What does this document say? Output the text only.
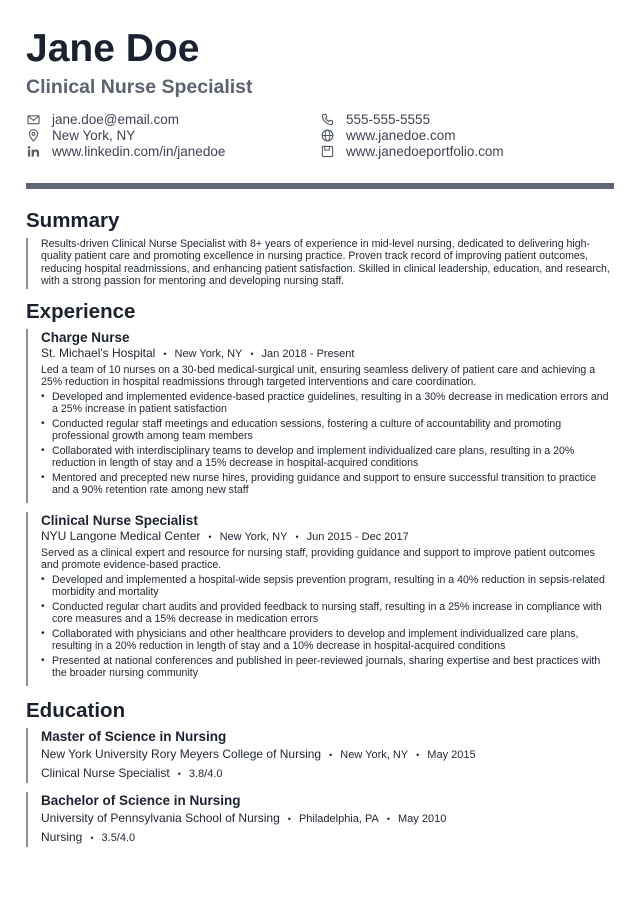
Jane Doe
Clinical Nurse Specialist
jane.doe@email.com
New York, NY
www.linkedin.com/in/janedoe
555-555-5555
www.janedoe.com
www.janedoeportfolio.com
Summary

Results-driven Clinical Nurse Specialist with 8+ years of experience in mid-level nursing, dedicated to delivering high-quality patient care and promoting excellence in nursing practice. Proven track record of improving patient outcomes, reducing hospital readmissions, and enhancing patient satisfaction. Skilled in clinical leadership, education, and research, with a strong passion for mentoring and developing nursing staff.

Experience

Charge Nurse

St. Michael's Hospital • New York, NY • Jan 2018 - Present

Led a team of 10 nurses on a 30-bed medical-surgical unit, ensuring seamless delivery of patient care and achieving a 25% reduction in hospital readmissions through targeted interventions and care coordination.

• Developed and implemented evidence-based practice guidelines, resulting in a 30% decrease in medication errors and a 25% increase in patient satisfaction
• Conducted regular staff meetings and education sessions, fostering a culture of accountability and promoting professional growth among team members
• Collaborated with interdisciplinary teams to develop and implement individualized care plans, resulting in a 20% reduction in length of stay and a 15% decrease in hospital-acquired conditions
• Mentored and precepted new nurse hires, providing guidance and support to ensure successful transition to practice and a 90% retention rate among new staff

Clinical Nurse Specialist

NYU Langone Medical Center • New York, NY • Jun 2015 - Dec 2017

Served as a clinical expert and resource for nursing staff, providing guidance and support to improve patient outcomes and promote evidence-based practice.

• Developed and implemented a hospital-wide sepsis prevention program, resulting in a 40% reduction in sepsis-related morbidity and mortality
• Conducted regular chart audits and provided feedback to nursing staff, resulting in a 25% increase in compliance with core measures and a 15% decrease in medication errors
• Collaborated with physicians and other healthcare providers to develop and implement individualized care plans, resulting in a 20% reduction in length of stay and a 10% decrease in hospital-acquired conditions
• Presented at national conferences and published in peer-reviewed journals, sharing expertise and best practices with the broader nursing community
Education

Master of Science in Nursing

New York University Rory Meyers College of Nursing • New York, NY • May 2015

Clinical Nurse Specialist • 3.8/4.0

Bachelor of Science in Nursing

University of Pennsylvania School of Nursing • Philadelphia, PA • May 2010

Nursing • 3.5/4.0
